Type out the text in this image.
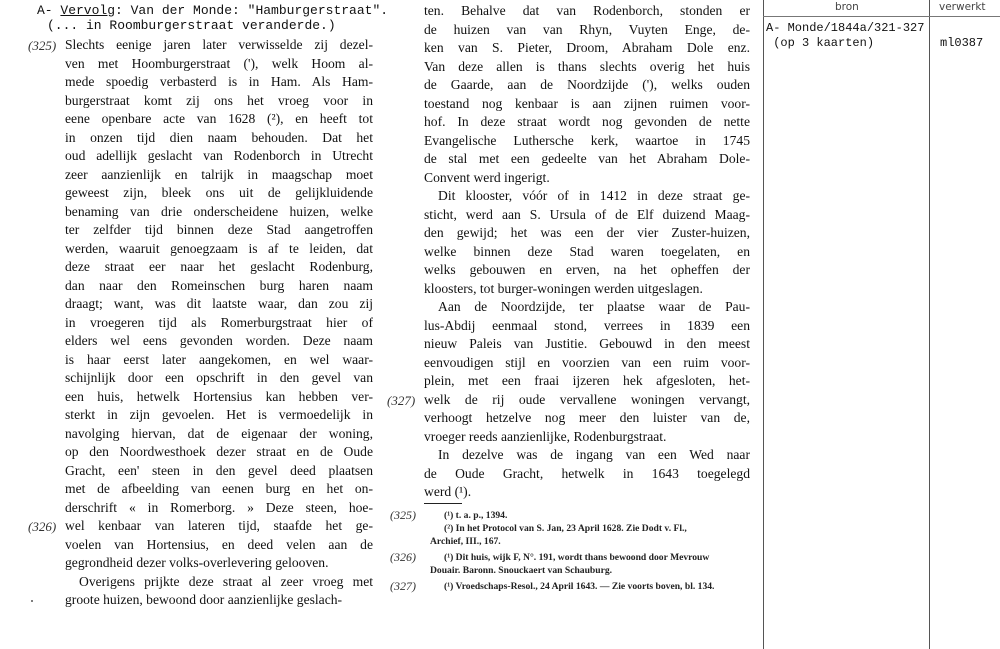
A- Vervolg: Van der Monde: "Hamburgerstraat".
(... in Roomburgerstraat veranderde.)
(325)
(326)
(327)
Slechts eenige jaren later verwisselde zij dezel-
ven met Hoomburgerstraat ('), welk Hoom al-
mede spoedig verbasterd is in Ham. Als Ham-
burgerstraat komt zij ons het vroeg voor in
eene openbare acte van 1628 (²), en heeft tot
in onzen tijd dien naam behouden. Dat het
oud adellijk geslacht van Rodenborch in Utrecht
zeer aanzienlijk en talrijk in maagschap moet
geweest zijn, bleek ons uit de gelijkluidende
benaming van drie onderscheidene huizen, welke
ter zelfder tijd binnen deze Stad aangetroffen
werden, waaruit genoegzaam is af te leiden, dat
deze straat eer naar het geslacht Rodenburg,
dan naar den Romeinschen burg haren naam
draagt; want, was dit laatste waar, dan zou zij
in vroegeren tijd als Romerburgstraat hier of
elders wel eens gevonden worden. Deze naam
is haar eerst later aangekomen, en wel waar-
schijnlijk door een opschrift in den gevel van
een huis, hetwelk Hortensius kan hebben ver-
sterkt in zijn gevoelen. Het is vermoedelijk in
navolging hiervan, dat de eigenaar der woning,
op den Noordwesthoek dezer straat en de Oude
Gracht, een' steen in den gevel deed plaatsen
met de afbeelding van eenen burg en het on-
derschrift « in Romerborg. » Deze steen, hoe-
wel kenbaar van lateren tijd, staafde het ge-
voelen van Hortensius, en deed velen aan de
gegrondheid dezer volks-overlevering gelooven.
Overigens prijkte deze straat al zeer vroeg met
groote huizen, bewoond door aanzienlijke geslach-
ten. Behalve dat van Rodenborch, stonden er
de huizen van van Rhyn, Vuyten Enge, de-
ken van S. Pieter, Droom, Abraham Dole enz.
Van deze allen is thans slechts overig het huis
de Gaarde, aan de Noordzijde ('), welks ouden
toestand nog kenbaar is aan zijnen ruimen voor-
hof. In deze straat wordt nog gevonden de nette
Evangelische Luthersche kerk, waartoe in 1745
de stal met een gedeelte van het Abraham Dole-
Convent werd ingerigt.
Dit klooster, vóór of in 1412 in deze straat ge-
sticht, werd aan S. Ursula of de Elf duizend Maag-
den gewijd; het was een der vier Zuster-huizen,
welke binnen deze Stad waren toegelaten, en
welks gebouwen en erven, na het opheffen der
kloosters, tot burger-woningen werden uitgeslagen.
Aan de Noordzijde, ter plaatse waar de Pau-
lus-Abdij eenmaal stond, verrees in 1839 een
nieuw Paleis van Justitie. Gebouwd in den meest
eenvoudigen stijl en voorzien van een ruim voor-
plein, met een fraai ijzeren hek afgesloten, het-
welk de rij oude vervallene woningen vervangt,
verhoogt hetzelve nog meer den luister van de,
vroeger reeds aanzienlijke, Rodenburgstraat.
In dezelve was de ingang van een Wed naar
de Oude Gracht, hetwelk in 1643 toegelegd
werd (¹).
(325)
(326)
(327)
(¹) t. a. p., 1394.
(²) In het Protocol van S. Jan, 23 April 1628. Zie Dodt v. Fl.,
Archief, III., 167.
(¹) Dit huis, wijk F, N°. 191, wordt thans bewoond door Mevrouw
Douair. Baronn. Snouckaert van Schauburg.
(¹) Vroedschaps-Resol., 24 April 1643. — Zie voorts boven, bl. 134.
bron	verwerkt
A- Monde/1844a/321-327
(op 3 kaarten)	ml0387
